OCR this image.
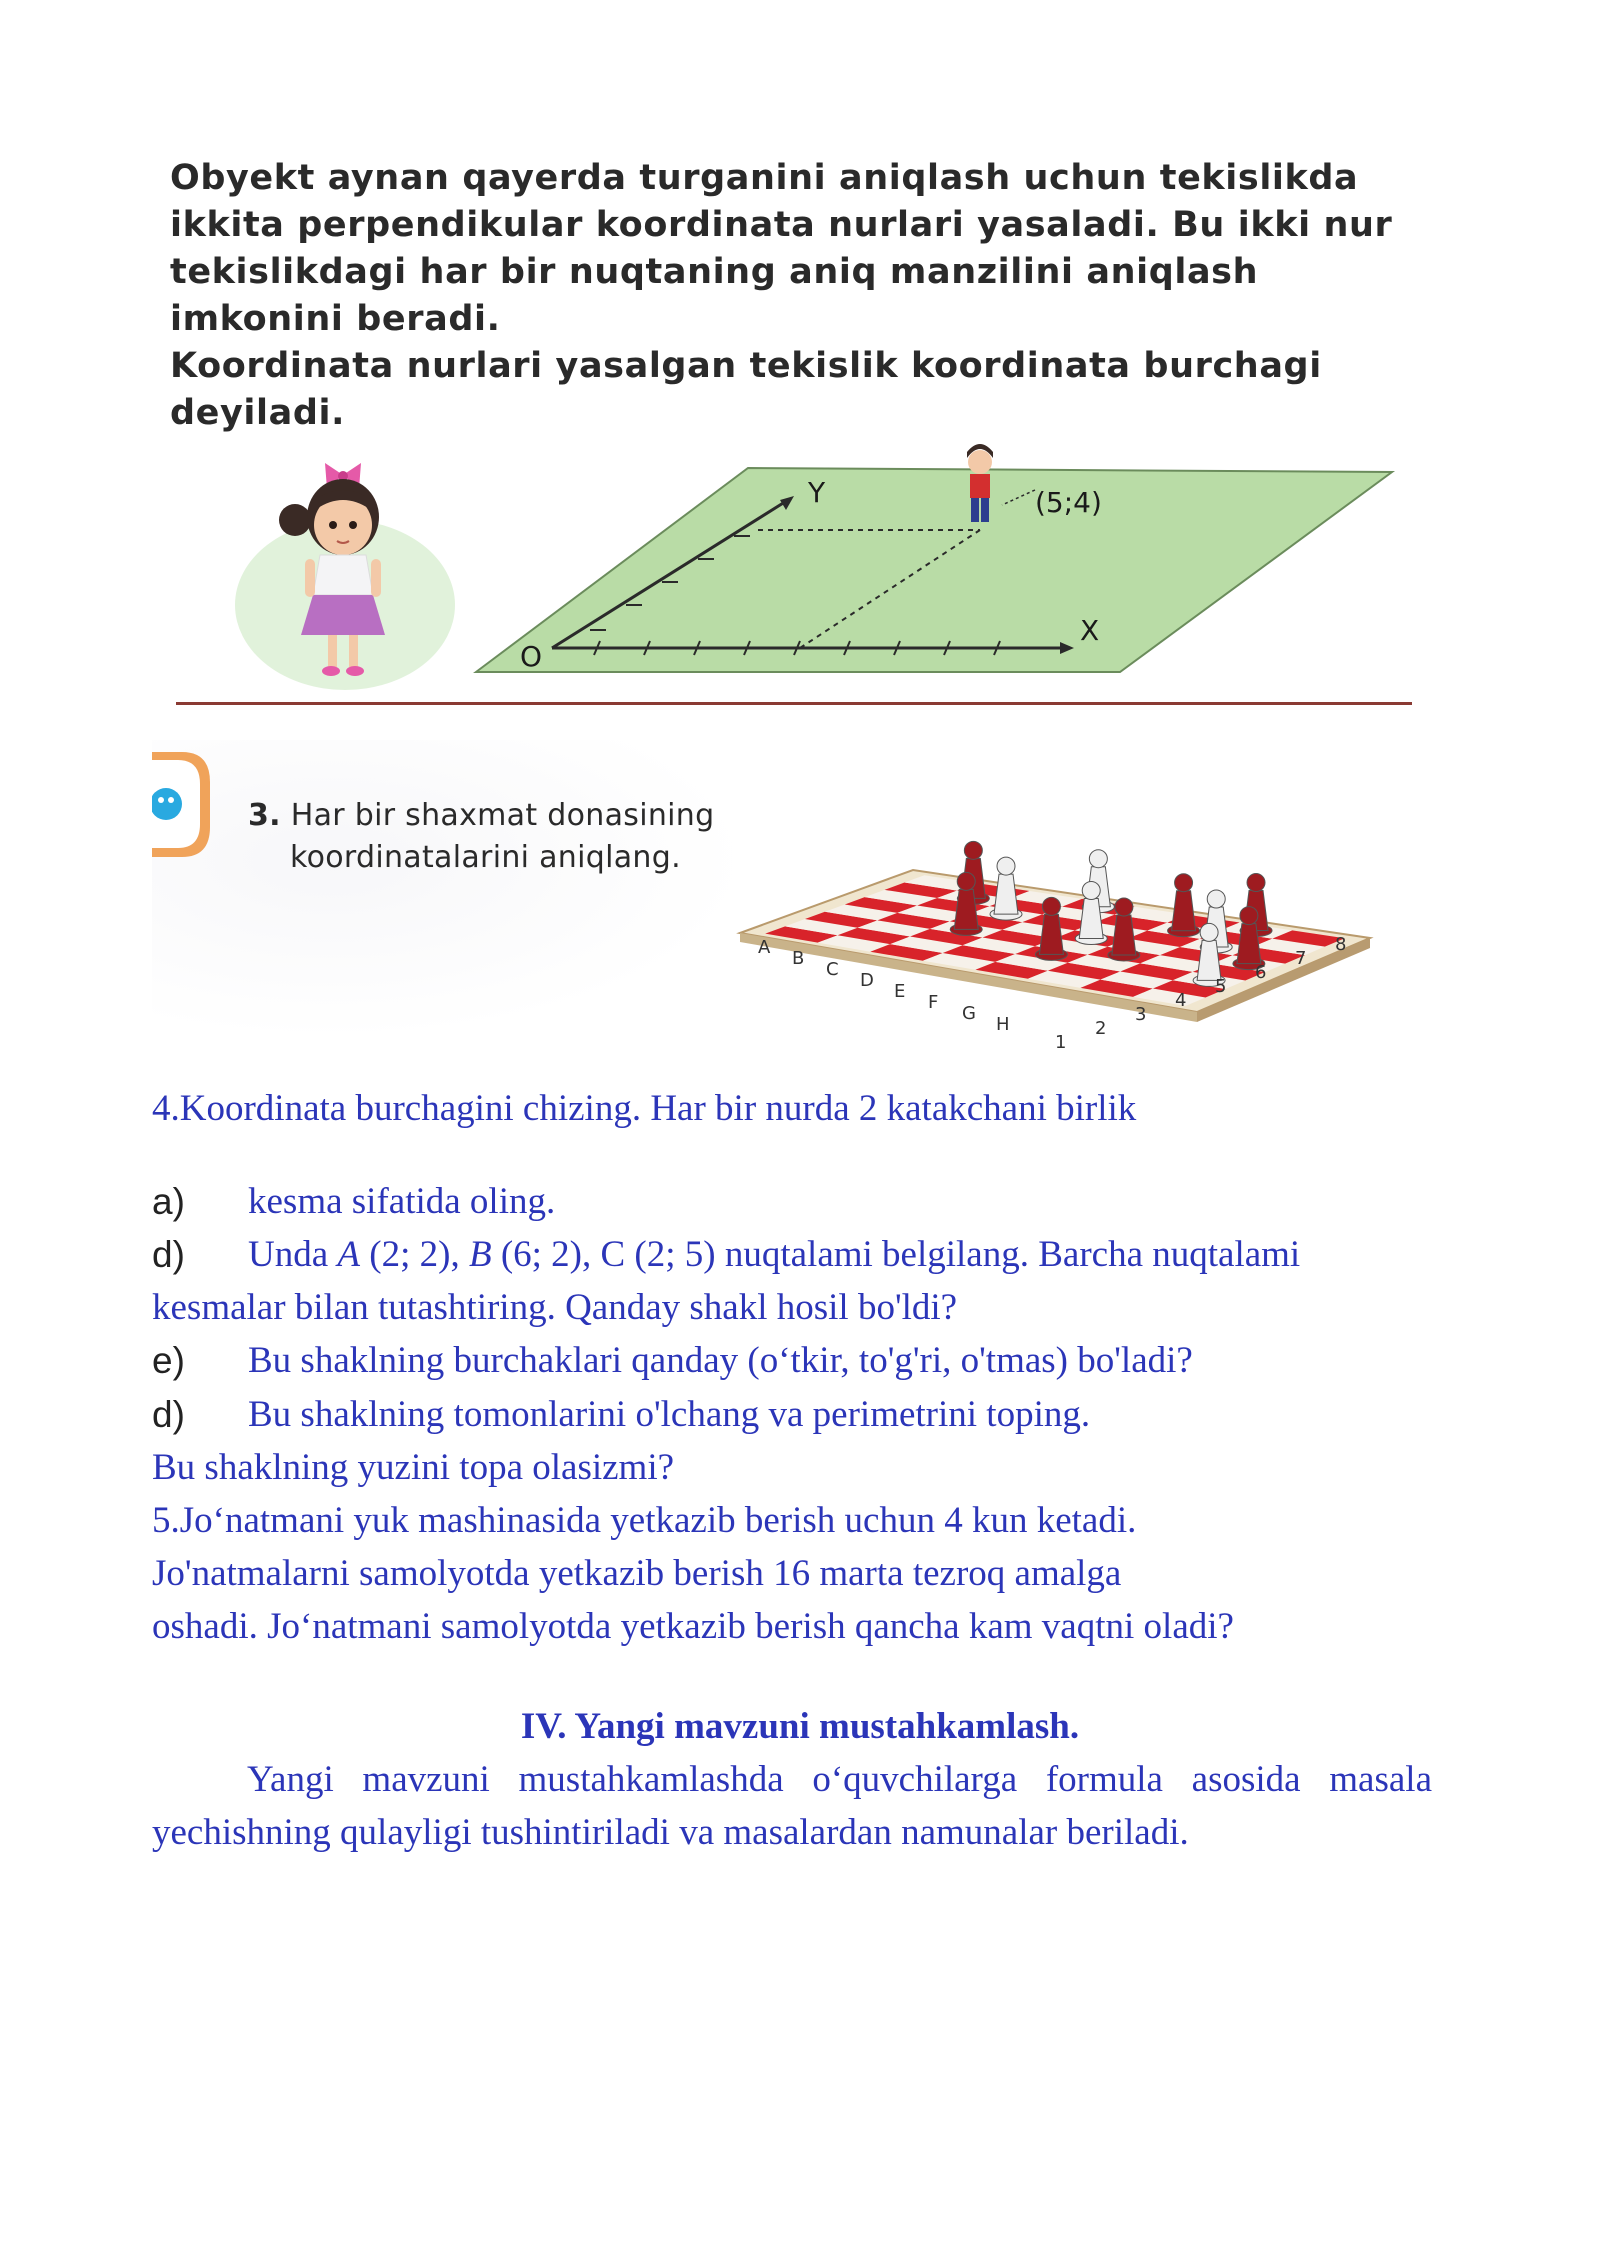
Obyekt aynan qayerda turganini aniqlash uchun tekislikda ikkita perpendikular koordinata nurlari yasaladi. Bu ikki nur tekislikdagi har bir nuqtaning aniq manzilini aniqlash imkonini beradi.

Koordinata nurlari yasalgan tekislik koordinata burchagi deyiladi.

Y
X
O
(5;4)
3. Har bir shaxmat donasining
koordinatalarini aniqlang.
A
B
C
D
E
F
G
H
1
2
3
4
5
6
7
8
4.Koordinata burchagini chizing. Har bir nurda 2 katakchani birlik
a) kesma sifatida oling.
d) Unda A (2; 2), B (6; 2), C (2; 5) nuqtalami belgilang. Barcha nuqtalami
kesmalar bilan tutashtiring. Qanday shakl hosil bo'ldi?
e) Bu shaklning burchaklari qanday (o‘tkir, to'g'ri, o'tmas) bo'ladi?
d) Bu shaklning tomonlarini o'lchang va perimetrini toping.
Bu shaklning yuzini topa olasizmi?
5.Jo‘natmani yuk mashinasida yetkazib berish uchun 4 kun ketadi.
Jo'natmalarni samolyotda yetkazib berish 16 marta tezroq amalga
oshadi. Jo‘natmani samolyotda yetkazib berish qancha kam vaqtni oladi?
IV. Yangi mavzuni mustahkamlash.
Yangi mavzuni mustahkamlashda o‘quvchilarga formula asosida masala yechishning qulayligi tushintiriladi va masalardan namunalar beriladi.
